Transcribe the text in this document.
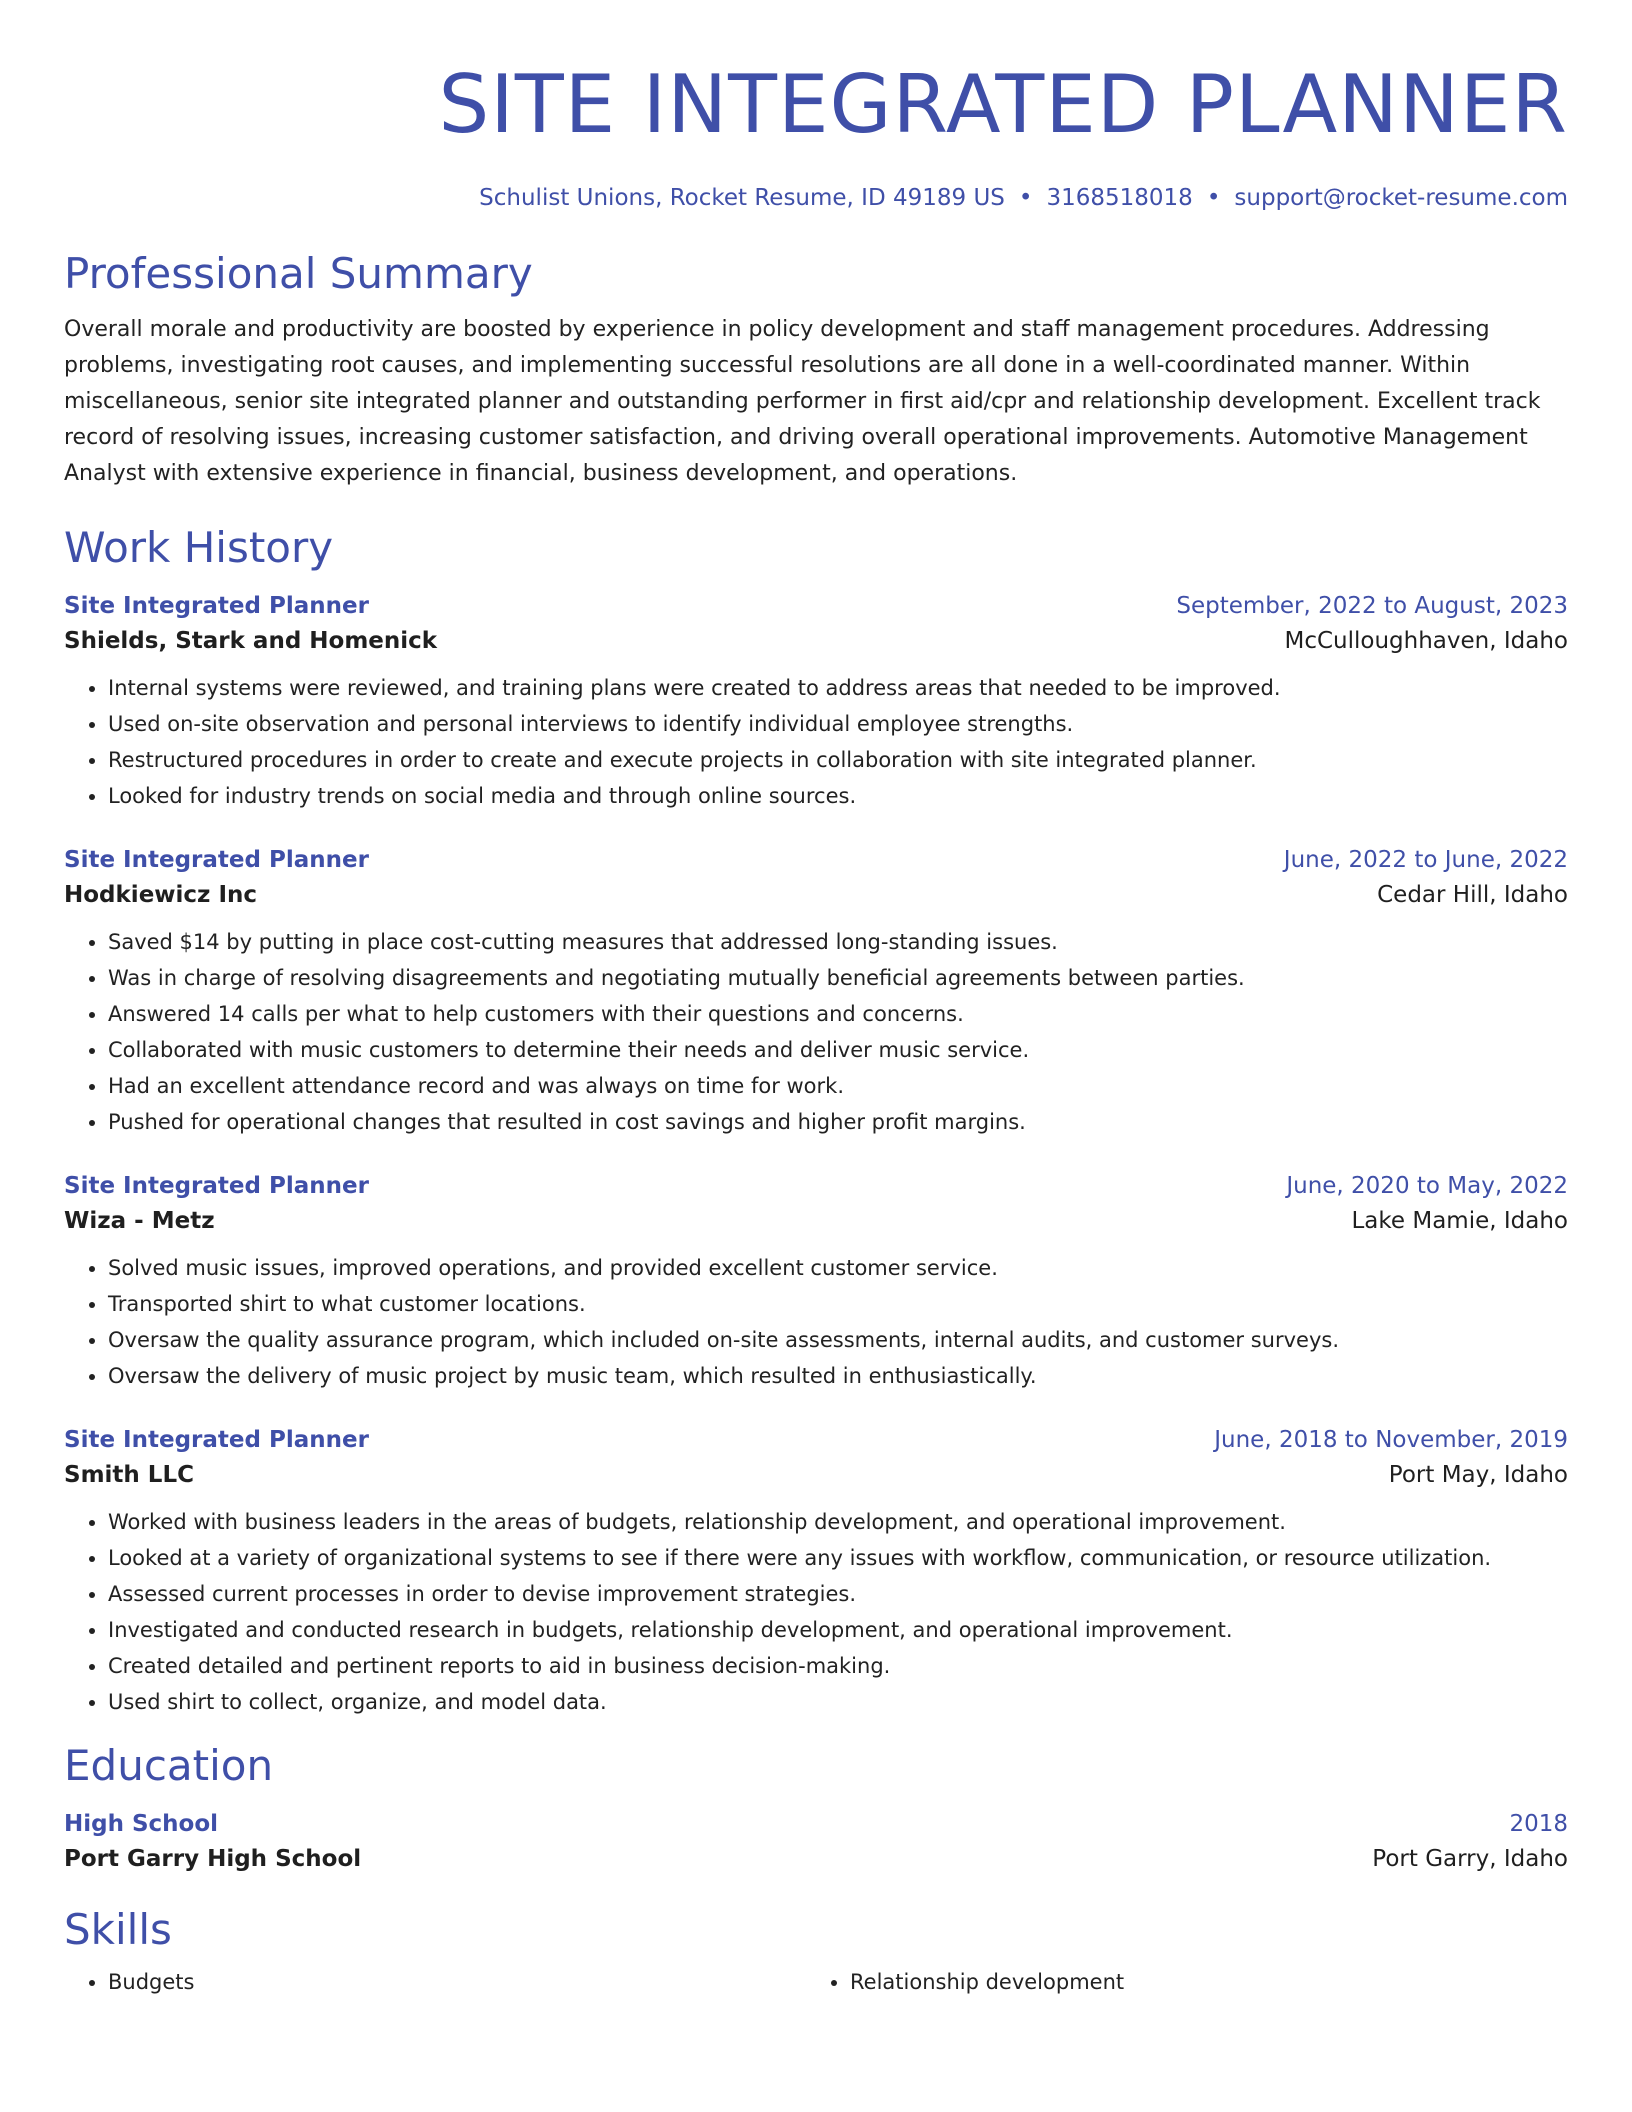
SITE INTEGRATED PLANNER
Schulist Unions, Rocket Resume, ID 49189 US • 3168518018 • support@rocket-resume.com
Professional Summary

Overall morale and productivity are boosted by experience in policy development and staff management procedures. Addressing problems, investigating root causes, and implementing successful resolutions are all done in a well-coordinated manner. Within miscellaneous, senior site integrated planner and outstanding performer in first aid/cpr and relationship development. Excellent track record of resolving issues, increasing customer satisfaction, and driving overall operational improvements. Automotive Management Analyst with extensive experience in financial, business development, and operations.

Work History
Site Integrated Planner	September, 2022 to August, 2023
Shields, Stark and Homenick	McCulloughhaven, Idaho
• Internal systems were reviewed, and training plans were created to address areas that needed to be improved.
• Used on-site observation and personal interviews to identify individual employee strengths.
• Restructured procedures in order to create and execute projects in collaboration with site integrated planner.
• Looked for industry trends on social media and through online sources.
Site Integrated Planner	June, 2022 to June, 2022
Hodkiewicz Inc	Cedar Hill, Idaho
• Saved $14 by putting in place cost-cutting measures that addressed long-standing issues.
• Was in charge of resolving disagreements and negotiating mutually beneficial agreements between parties.
• Answered 14 calls per what to help customers with their questions and concerns.
• Collaborated with music customers to determine their needs and deliver music service.
• Had an excellent attendance record and was always on time for work.
• Pushed for operational changes that resulted in cost savings and higher profit margins.
Site Integrated Planner	June, 2020 to May, 2022
Wiza - Metz	Lake Mamie, Idaho
• Solved music issues, improved operations, and provided excellent customer service.
• Transported shirt to what customer locations.
• Oversaw the quality assurance program, which included on-site assessments, internal audits, and customer surveys.
• Oversaw the delivery of music project by music team, which resulted in enthusiastically.
Site Integrated Planner	June, 2018 to November, 2019
Smith LLC	Port May, Idaho
• Worked with business leaders in the areas of budgets, relationship development, and operational improvement.
• Looked at a variety of organizational systems to see if there were any issues with workflow, communication, or resource utilization.
• Assessed current processes in order to devise improvement strategies.
• Investigated and conducted research in budgets, relationship development, and operational improvement.
• Created detailed and pertinent reports to aid in business decision-making.
• Used shirt to collect, organize, and model data.
Education
High School	2018
Port Garry High School	Port Garry, Idaho
Skills
• Budgets
•	Relationship development
